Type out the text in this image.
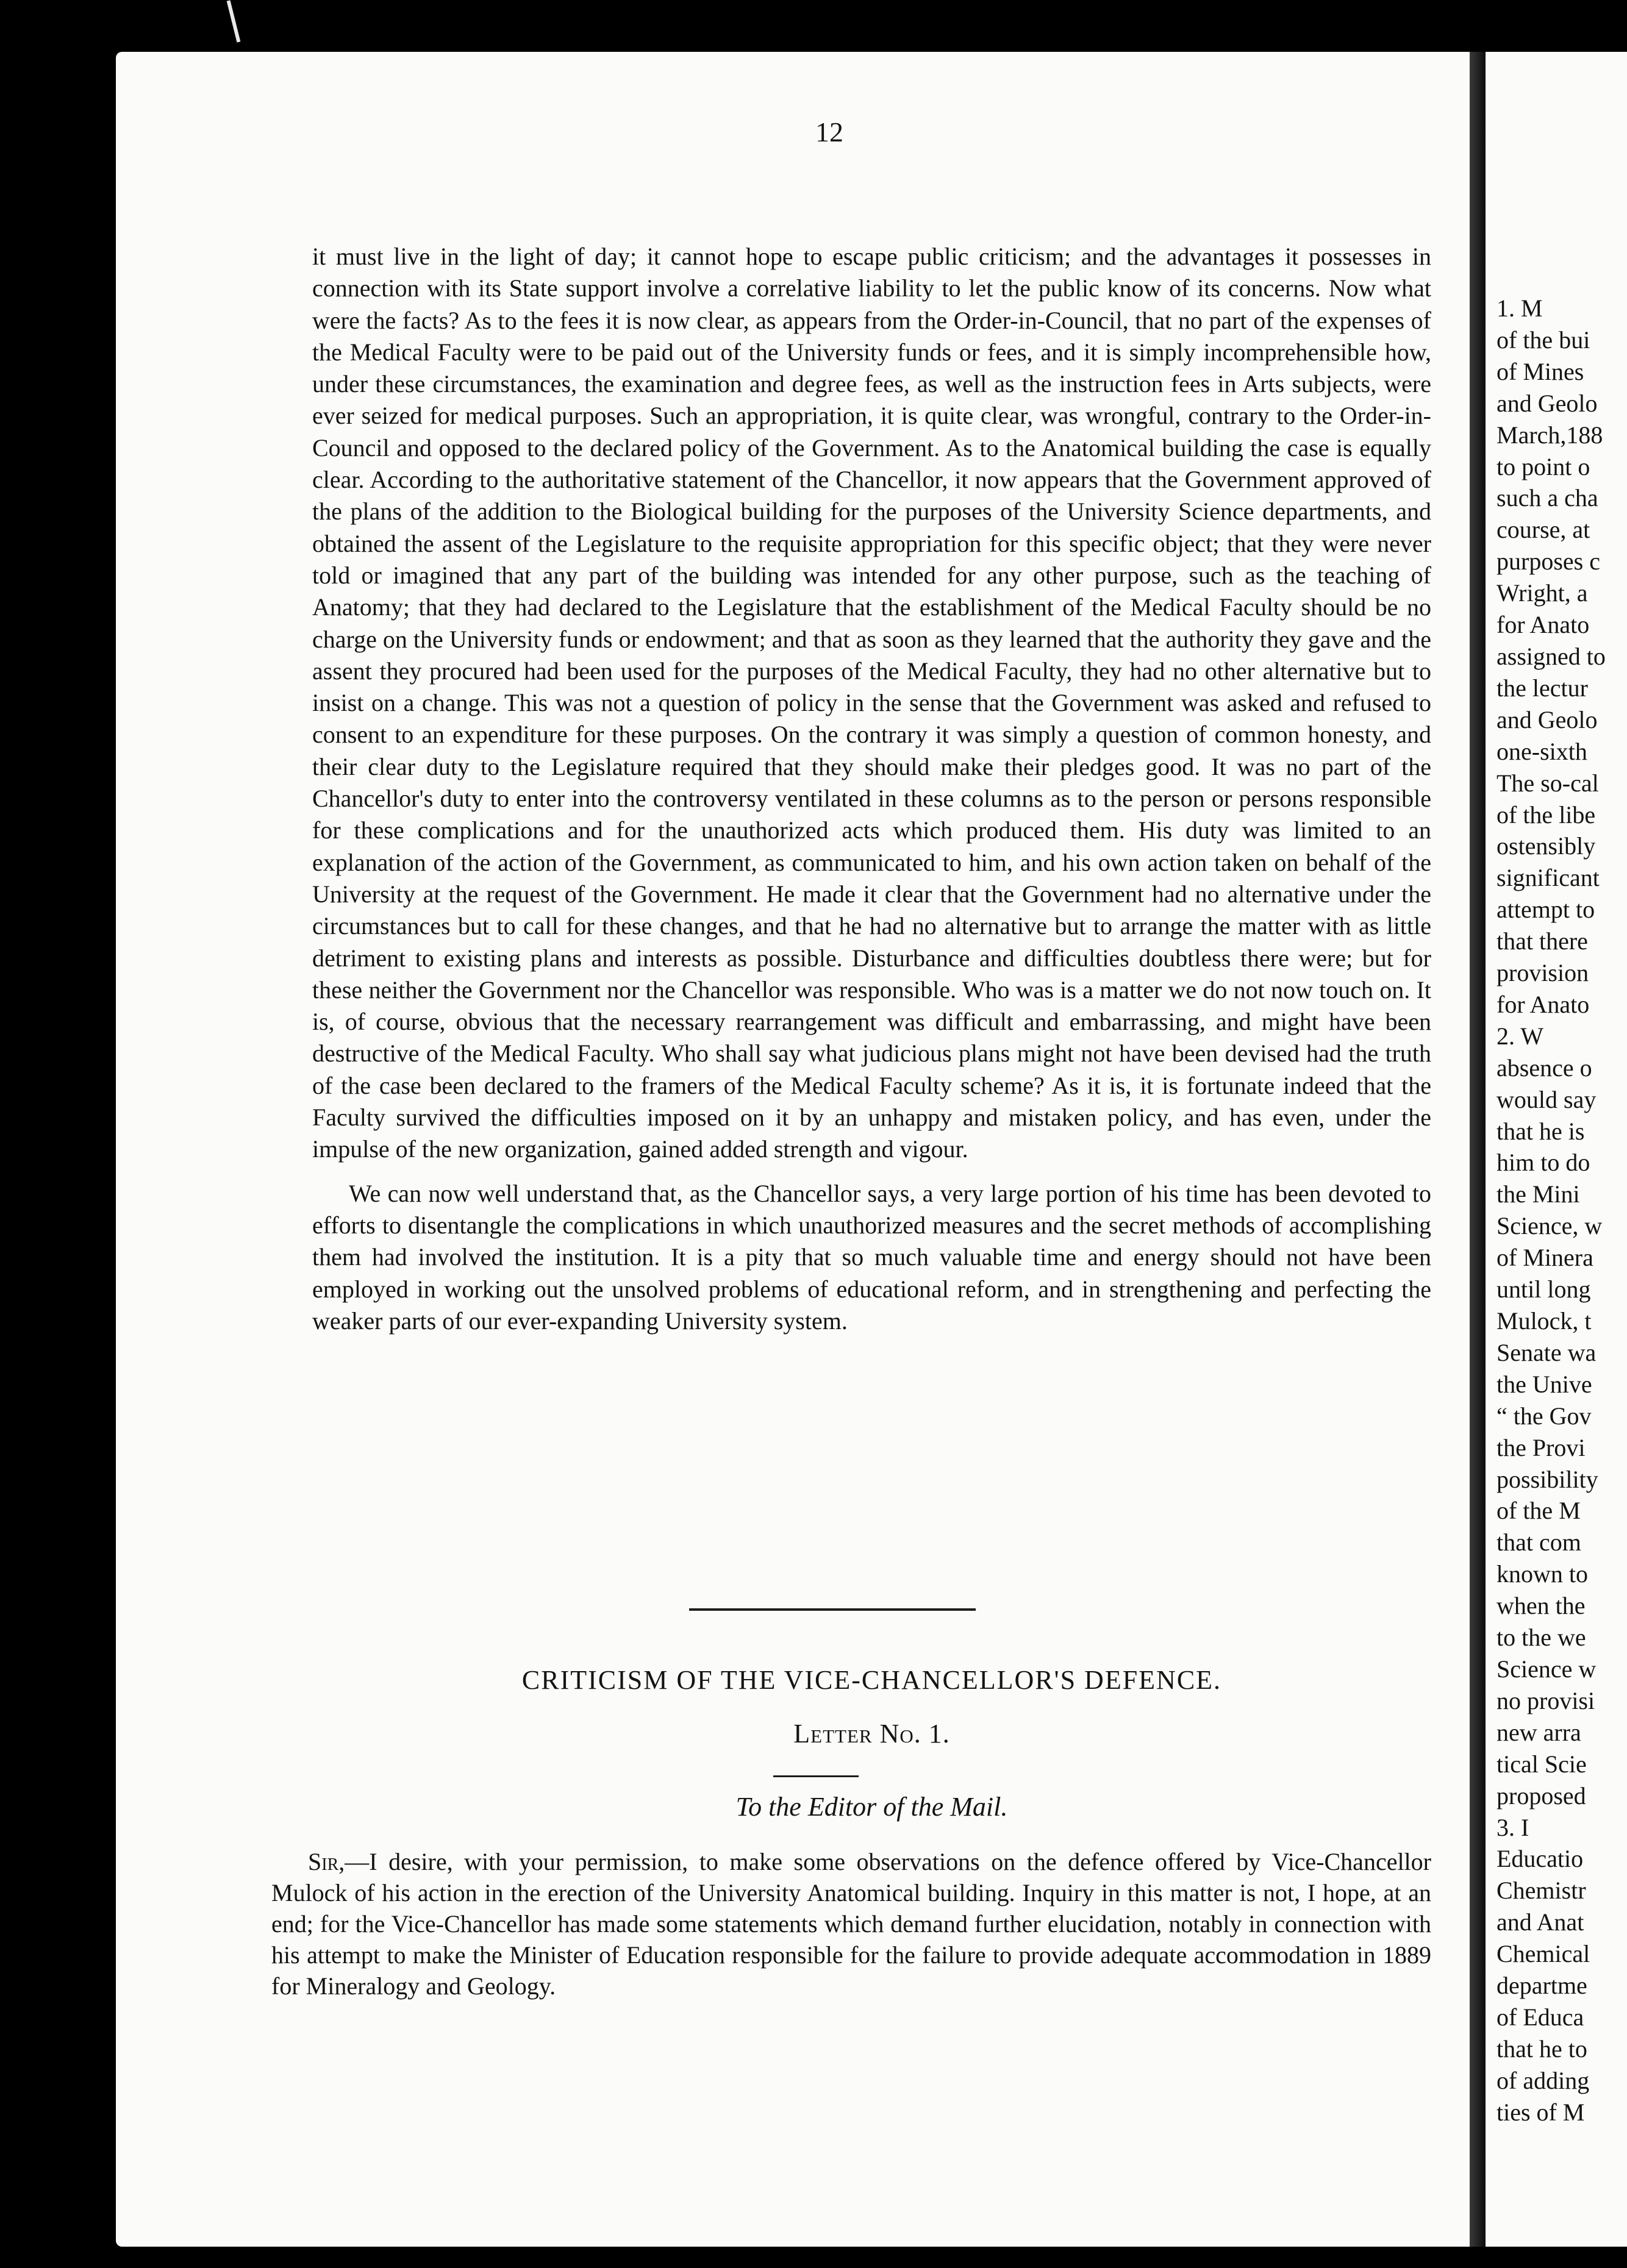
1. M
of the bui
of Mines
and Geolo
March,188
to point o
such a cha
course, at
purposes c
Wright, a
for Anato
assigned to
the lectur
and Geolo
one-sixth
The so-cal
of the libe
ostensibly
significant
attempt to
that there
provision
for Anato
2. W
absence o
would say
that he is
him to do
the Mini
Science, w
of Minera
until long
Mulock, t
Senate wa
the Unive
“ the Gov
the Provi
possibility
of the M
that com
known to
when the
to the we
Science w
no provisi
new arra
tical Scie
proposed
3. I
Educatio
Chemistr
and Anat
Chemical
departme
of Educa
that he to
of adding
ties of M
12

it must live in the light of day; it cannot hope to escape public criticism; and the advantages it possesses in connection with its State support involve a correlative liability to let the public know of its concerns. Now what were the facts? As to the fees it is now clear, as appears from the Order-in-Council, that no part of the expenses of the Medical Faculty were to be paid out of the University funds or fees, and it is simply incomprehensible how, under these circumstances, the examination and degree fees, as well as the instruction fees in Arts subjects, were ever seized for medical purposes. Such an appropriation, it is quite clear, was wrongful, contrary to the Order-in-Council and opposed to the declared policy of the Government. As to the Anatomical building the case is equally clear. According to the authoritative statement of the Chancellor, it now appears that the Government approved of the plans of the addition to the Biological building for the purposes of the University Science departments, and obtained the assent of the Legislature to the requisite appropriation for this specific object; that they were never told or imagined that any part of the building was intended for any other purpose, such as the teaching of Anatomy; that they had declared to the Legislature that the establishment of the Medical Faculty should be no charge on the University funds or endowment; and that as soon as they learned that the authority they gave and the assent they procured had been used for the purposes of the Medical Faculty, they had no other alternative but to insist on a change. This was not a question of policy in the sense that the Government was asked and refused to consent to an expenditure for these purposes. On the contrary it was simply a question of common honesty, and their clear duty to the Legislature required that they should make their pledges good. It was no part of the Chancellor's duty to enter into the controversy ventilated in these columns as to the person or persons responsible for these complications and for the unauthorized acts which produced them. His duty was limited to an explanation of the action of the Government, as communicated to him, and his own action taken on behalf of the University at the request of the Government. He made it clear that the Government had no alternative under the circumstances but to call for these changes, and that he had no alternative but to arrange the matter with as little detriment to existing plans and interests as possible. Disturbance and difficulties doubtless there were; but for these neither the Government nor the Chancellor was responsible. Who was is a matter we do not now touch on. It is, of course, obvious that the necessary rearrangement was difficult and embarrassing, and might have been destructive of the Medical Faculty. Who shall say what judicious plans might not have been devised had the truth of the case been declared to the framers of the Medical Faculty scheme? As it is, it is fortunate indeed that the Faculty survived the difficulties imposed on it by an unhappy and mistaken policy, and has even, under the impulse of the new organization, gained added strength and vigour.

We can now well understand that, as the Chancellor says, a very large portion of his time has been devoted to efforts to disentangle the complications in which unauthorized measures and the secret methods of accomplishing them had involved the institution. It is a pity that so much valuable time and energy should not have been employed in working out the unsolved problems of educational reform, and in strengthening and perfecting the weaker parts of our ever-expanding University system.

CRITICISM OF THE VICE-CHANCELLOR'S DEFENCE.
Letter No. 1.
To the Editor of the Mail.

Sir,—I desire, with your permission, to make some observations on the defence offered by Vice-Chancellor Mulock of his action in the erection of the University Anatomical building. Inquiry in this matter is not, I hope, at an end; for the Vice-Chancellor has made some statements which demand further elucidation, notably in connection with his attempt to make the Minister of Education responsible for the failure to provide adequate accommodation in 1889 for Mineralogy and Geology.
